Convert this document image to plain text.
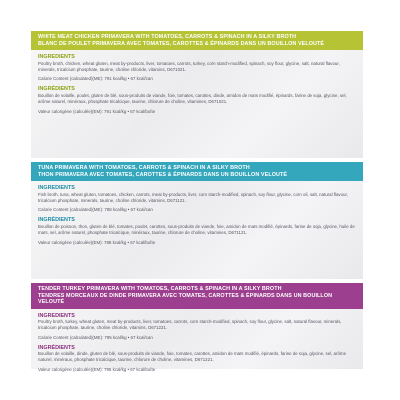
WHITE MEAT CHICKEN PRIMAVERA WITH TOMATOES, CARROTS & SPINACH IN A SILKY BROTH
BLANC DE POULET PRIMAVERA AVEC TOMATES, CAROTTES & ÉPINARDS DANS UN BOUILLON VELOUTÉ
INGREDIENTS
Poultry broth, chicken, wheat gluten, meat by-products, liver, tomatoes, carrots, turkey, corn starch-modified, spinach, soy flour, glycine, salt, natural flavour, minerals, tricalcium phosphate, taurine, choline chloride, vitamins, D671021.
Calorie Content (calculated)(ME): 791 kcal/kg • 67 kcal/can
INGRÉDIENTS
Bouillon de volaille, poulet, gluten de blé, sous-produits de viande, foie, tomates, carottes, dinde, amidon de maïs modifié, épinards, farine de soja, glycine, sel, arôme naturel, minéraux, phosphate tricalcique, taurine, chlorure de choline, vitamines, D671021.
Valeur calorigène (calculée)(EM): 791 kcal/kg • 67 kcal/boîte
TUNA PRIMAVERA WITH TOMATOES, CARROTS & SPINACH IN A SILKY BROTH
THON PRIMAVERA AVEC TOMATES, CAROTTES & ÉPINARDS DANS UN BOUILLON VELOUTÉ
INGREDIENTS
Fish broth, tuna, wheat gluten, tomatoes, chicken, carrots, meat by-products, liver, corn starch-modified, spinach, soy flour, glycine, corn oil, salt, natural flavour, tricalcium phosphate, minerals, taurine, choline chloride, vitamins, D671121.
Calorie Content (calculated)(ME): 788 kcal/kg • 67 kcal/can
INGRÉDIENTS
Bouillon de poisson, thon, gluten de blé, tomates, poulet, carottes, sous-produits de viande, foie, amidon de maïs modifié, épinards, farine de soja, glycine, huile de maïs, sel, arôme naturel, phosphate tricalcique, minéraux, taurine, chlorure de choline, vitamines, D671121.
Valeur calorigène (calculée)(EM): 788 kcal/kg • 67 kcal/boîte
TENDER TURKEY PRIMAVERA WITH TOMATOES, CARROTS & SPINACH IN A SILKY BROTH
TENDRES MORCEAUX DE DINDE PRIMAVERA AVEC TOMATES, CAROTTES & ÉPINARDS DANS UN BOUILLON VELOUTÉ
INGREDIENTS
Poultry broth, turkey, wheat gluten, meat by-products, liver, tomatoes, carrots, corn starch-modified, spinach, soy flour, glycine, salt, natural flavour, minerals, tricalcium phosphate, taurine, choline chloride, vitamins, D671221.
Calorie Content (calculated)(ME): 795 kcal/kg • 67 kcal/can
INGRÉDIENTS
Bouillon de volaille, dinde, gluten de blé, sous-produits de viande, foie, tomates, carottes, amidon de maïs modifié, épinards, farine de soja, glycine, sel, arôme naturel, minéraux, phosphate tricalcique, taurine, chlorure de choline, vitamines, D671221.
Valeur calorigène (calculée)(EM): 795 kcal/kg • 67 kcal/boîte
